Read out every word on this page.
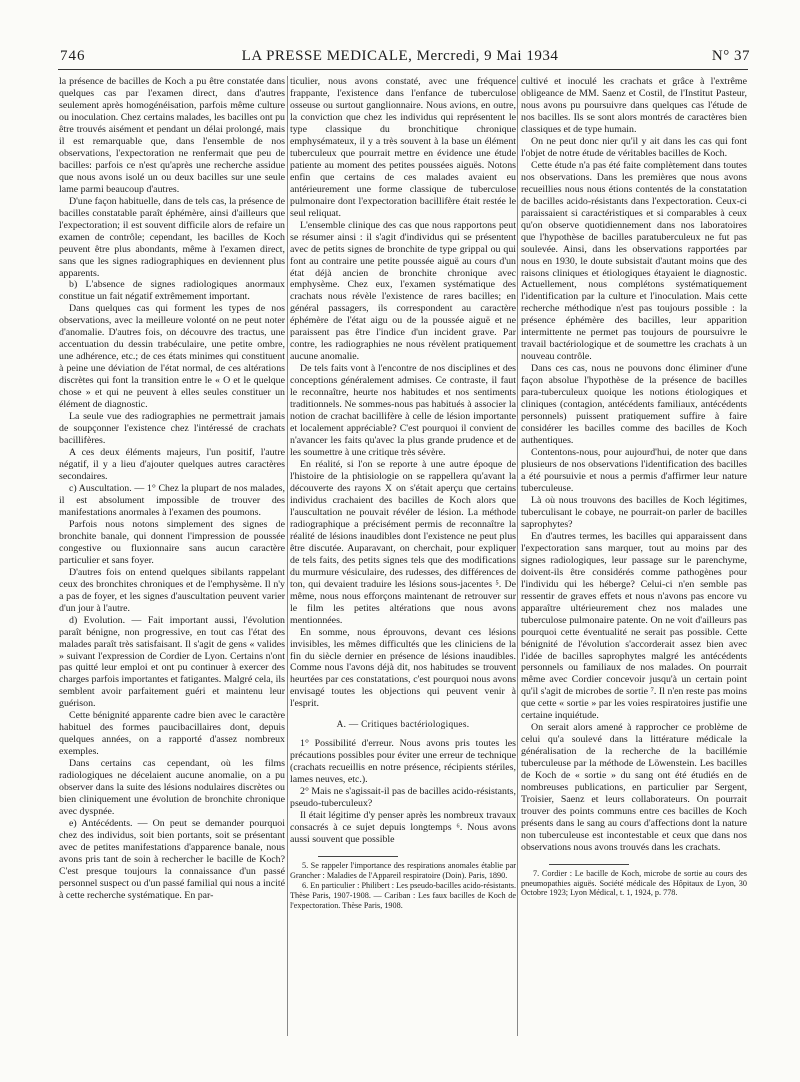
746	LA PRESSE MEDICALE, Mercredi, 9 Mai 1934	N° 37

la présence de bacilles de Koch a pu être constatée dans quelques cas par l'examen direct, dans d'autres seulement après homogénéisation, parfois même culture ou inoculation. Chez certains malades, les bacilles ont pu être trouvés aisément et pendant un délai prolongé, mais il est remarquable que, dans l'ensemble de nos observations, l'expectoration ne renfermait que peu de bacilles: parfois ce n'est qu'après une recherche assidue que nous avons isolé un ou deux bacilles sur une seule lame parmi beaucoup d'autres.

D'une façon habituelle, dans de tels cas, la présence de bacilles constatable paraît éphémère, ainsi d'ailleurs que l'expectoration; il est souvent difficile alors de refaire un examen de contrôle; cependant, les bacilles de Koch peuvent être plus abondants, même à l'examen direct, sans que les signes radiographiques en deviennent plus apparents.

b) L'absence de signes radiologiques anormaux constitue un fait négatif extrêmement important.

Dans quelques cas qui forment les types de nos observations, avec la meilleure volonté on ne peut noter d'anomalie. D'autres fois, on découvre des tractus, une accentuation du dessin trabéculaire, une petite ombre, une adhérence, etc.; de ces états minimes qui constituent à peine une déviation de l'état normal, de ces altérations discrètes qui font la transition entre le « O et le quelque chose » et qui ne peuvent à elles seules constituer un élément de diagnostic.

La seule vue des radiographies ne permettrait jamais de soupçonner l'existence chez l'intéressé de crachats bacillifères.

A ces deux éléments majeurs, l'un positif, l'autre négatif, il y a lieu d'ajouter quelques autres caractères secondaires.

c) Auscultation. — 1° Chez la plupart de nos malades, il est absolument impossible de trouver des manifestations anormales à l'examen des poumons.

Parfois nous notons simplement des signes de bronchite banale, qui donnent l'impression de poussée congestive ou fluxionnaire sans aucun caractère particulier et sans foyer.

D'autres fois on entend quelques sibilants rappelant ceux des bronchites chroniques et de l'emphysème. Il n'y a pas de foyer, et les signes d'auscultation peuvent varier d'un jour à l'autre.

d) Evolution. — Fait important aussi, l'évolution paraît bénigne, non progressive, en tout cas l'état des malades paraît très satisfaisant. Il s'agit de gens « valides » suivant l'expression de Cordier de Lyon. Certains n'ont pas quitté leur emploi et ont pu continuer à exercer des charges parfois importantes et fatigantes. Malgré cela, ils semblent avoir parfaitement guéri et maintenu leur guérison.

Cette bénignité apparente cadre bien avec le caractère habituel des formes paucibacillaires dont, depuis quelques années, on a rapporté d'assez nombreux exemples.

Dans certains cas cependant, où les films radiologiques ne décelaient aucune anomalie, on a pu observer dans la suite des lésions nodulaires discrètes ou bien cliniquement une évolution de bronchite chronique avec dyspnée.

e) Antécédents. — On peut se demander pourquoi chez des individus, soit bien portants, soit se présentant avec de petites manifestations d'apparence banale, nous avons pris tant de soin à rechercher le bacille de Koch? C'est presque toujours la connaissance d'un passé personnel suspect ou d'un passé familial qui nous a incité à cette recherche systématique. En par-

ticulier, nous avons constaté, avec une fréquence frappante, l'existence dans l'enfance de tuberculose osseuse ou surtout ganglionnaire. Nous avions, en outre, la conviction que chez les individus qui représentent le type classique du bronchitique chronique emphysémateux, il y a très souvent à la base un élément tuberculeux que pourrait mettre en évidence une étude patiente au moment des petites poussées aiguës. Notons enfin que certains de ces malades avaient eu antérieurement une forme classique de tuberculose pulmonaire dont l'expectoration bacillifère était restée le seul reliquat.

L'ensemble clinique des cas que nous rapportons peut se résumer ainsi : il s'agit d'individus qui se présentent avec de petits signes de bronchite de type grippal ou qui font au contraire une petite poussée aiguë au cours d'un état déjà ancien de bronchite chronique avec emphysème. Chez eux, l'examen systématique des crachats nous révèle l'existence de rares bacilles; en général passagers, ils correspondent au caractère éphémère de l'état aigu ou de la poussée aiguë et ne paraissent pas être l'indice d'un incident grave. Par contre, les radiographies ne nous révèlent pratiquement aucune anomalie.

De tels faits vont à l'encontre de nos disciplines et des conceptions généralement admises. Ce contraste, il faut le reconnaître, heurte nos habitudes et nos sentiments traditionnels. Ne sommes-nous pas habitués à associer la notion de crachat bacillifère à celle de lésion importante et localement appréciable? C'est pourquoi il convient de n'avancer les faits qu'avec la plus grande prudence et de les soumettre à une critique très sévère.

En réalité, si l'on se reporte à une autre époque de l'histoire de la phtisiologie on se rappellera qu'avant la découverte des rayons X on s'était aperçu que certains individus crachaient des bacilles de Koch alors que l'auscultation ne pouvait révéler de lésion. La méthode radiographique a précisément permis de reconnaître la réalité de lésions inaudibles dont l'existence ne peut plus être discutée. Auparavant, on cherchait, pour expliquer de tels faits, des petits signes tels que des modifications du murmure vésiculaire, des rudesses, des différences de ton, qui devaient traduire les lésions sous-jacentes ⁵. De même, nous nous efforçons maintenant de retrouver sur le film les petites altérations que nous avons mentionnées.

En somme, nous éprouvons, devant ces lésions invisibles, les mêmes difficultés que les cliniciens de la fin du siècle dernier en présence de lésions inaudibles. Comme nous l'avons déjà dit, nos habitudes se trouvent heurtées par ces constatations, c'est pourquoi nous avons envisagé toutes les objections qui peuvent venir à l'esprit.

A. — Critiques bactériologiques.

1° Possibilité d'erreur. Nous avons pris toutes les précautions possibles pour éviter une erreur de technique (crachats recueillis en notre présence, récipients stériles, lames neuves, etc.).

2° Mais ne s'agissait-il pas de bacilles acido-résistants, pseudo-tuberculeux?

Il était légitime d'y penser après les nombreux travaux consacrés à ce sujet depuis longtemps ⁶. Nous avons aussi souvent que possible

5. Se rappeler l'importance des respirations anomales établie par Grancher : Maladies de l'Appareil respiratoire (Doin). Paris, 1890.

6. En particulier : Philibert : Les pseudo-bacilles acido-résistants. Thèse Paris, 1907-1908. — Cariban : Les faux bacilles de Koch de l'expectoration. Thèse Paris, 1908.

cultivé et inoculé les crachats et grâce à l'extrême obligeance de MM. Saenz et Costil, de l'Institut Pasteur, nous avons pu poursuivre dans quelques cas l'étude de nos bacilles. Ils se sont alors montrés de caractères bien classiques et de type humain.

On ne peut donc nier qu'il y ait dans les cas qui font l'objet de notre étude de véritables bacilles de Koch.

Cette étude n'a pas été faite complètement dans toutes nos observations. Dans les premières que nous avons recueillies nous nous étions contentés de la constatation de bacilles acido-résistants dans l'expectoration. Ceux-ci paraissaient si caractéristiques et si comparables à ceux qu'on observe quotidiennement dans nos laboratoires que l'hypothèse de bacilles paratuberculeux ne fut pas soulevée. Ainsi, dans les observations rapportées par nous en 1930, le doute subsistait d'autant moins que des raisons cliniques et étiologiques étayaient le diagnostic. Actuellement, nous complétons systématiquement l'identification par la culture et l'inoculation. Mais cette recherche méthodique n'est pas toujours possible : la présence éphémère des bacilles, leur apparition intermittente ne permet pas toujours de poursuivre le travail bactériologique et de soumettre les crachats à un nouveau contrôle.

Dans ces cas, nous ne pouvons donc éliminer d'une façon absolue l'hypothèse de la présence de bacilles para-tuberculeux quoique les notions étiologiques et cliniques (contagion, antécédents familiaux, antécédents personnels) puissent pratiquement suffire à faire considérer les bacilles comme des bacilles de Koch authentiques.

Contentons-nous, pour aujourd'hui, de noter que dans plusieurs de nos observations l'identification des bacilles a été poursuivie et nous a permis d'affirmer leur nature tuberculeuse.

Là où nous trouvons des bacilles de Koch légitimes, tuberculisant le cobaye, ne pourrait-on parler de bacilles saprophytes?

En d'autres termes, les bacilles qui apparaissent dans l'expectoration sans marquer, tout au moins par des signes radiologiques, leur passage sur le parenchyme, doivent-ils être considérés comme pathogènes pour l'individu qui les héberge? Celui-ci n'en semble pas ressentir de graves effets et nous n'avons pas encore vu apparaître ultérieurement chez nos malades une tuberculose pulmonaire patente. On ne voit d'ailleurs pas pourquoi cette éventualité ne serait pas possible. Cette bénignité de l'évolution s'accorderait assez bien avec l'idée de bacilles saprophytes malgré les antécédents personnels ou familiaux de nos malades. On pourrait même avec Cordier concevoir jusqu'à un certain point qu'il s'agit de microbes de sortie ⁷. Il n'en reste pas moins que cette « sortie » par les voies respiratoires justifie une certaine inquiétude.

On serait alors amené à rapprocher ce problème de celui qu'a soulevé dans la littérature médicale la généralisation de la recherche de la bacillémie tuberculeuse par la méthode de Löwenstein. Les bacilles de Koch de « sortie » du sang ont été étudiés en de nombreuses publications, en particulier par Sergent, Troisier, Saenz et leurs collaborateurs. On pourrait trouver des points communs entre ces bacilles de Koch présents dans le sang au cours d'affections dont la nature non tuberculeuse est incontestable et ceux que dans nos observations nous avons trouvés dans les crachats.

7. Cordier : Le bacille de Koch, microbe de sortie au cours des pneumopathies aiguës. Société médicale des Hôpitaux de Lyon, 30 Octobre 1923; Lyon Médical, t. 1, 1924, p. 778.
